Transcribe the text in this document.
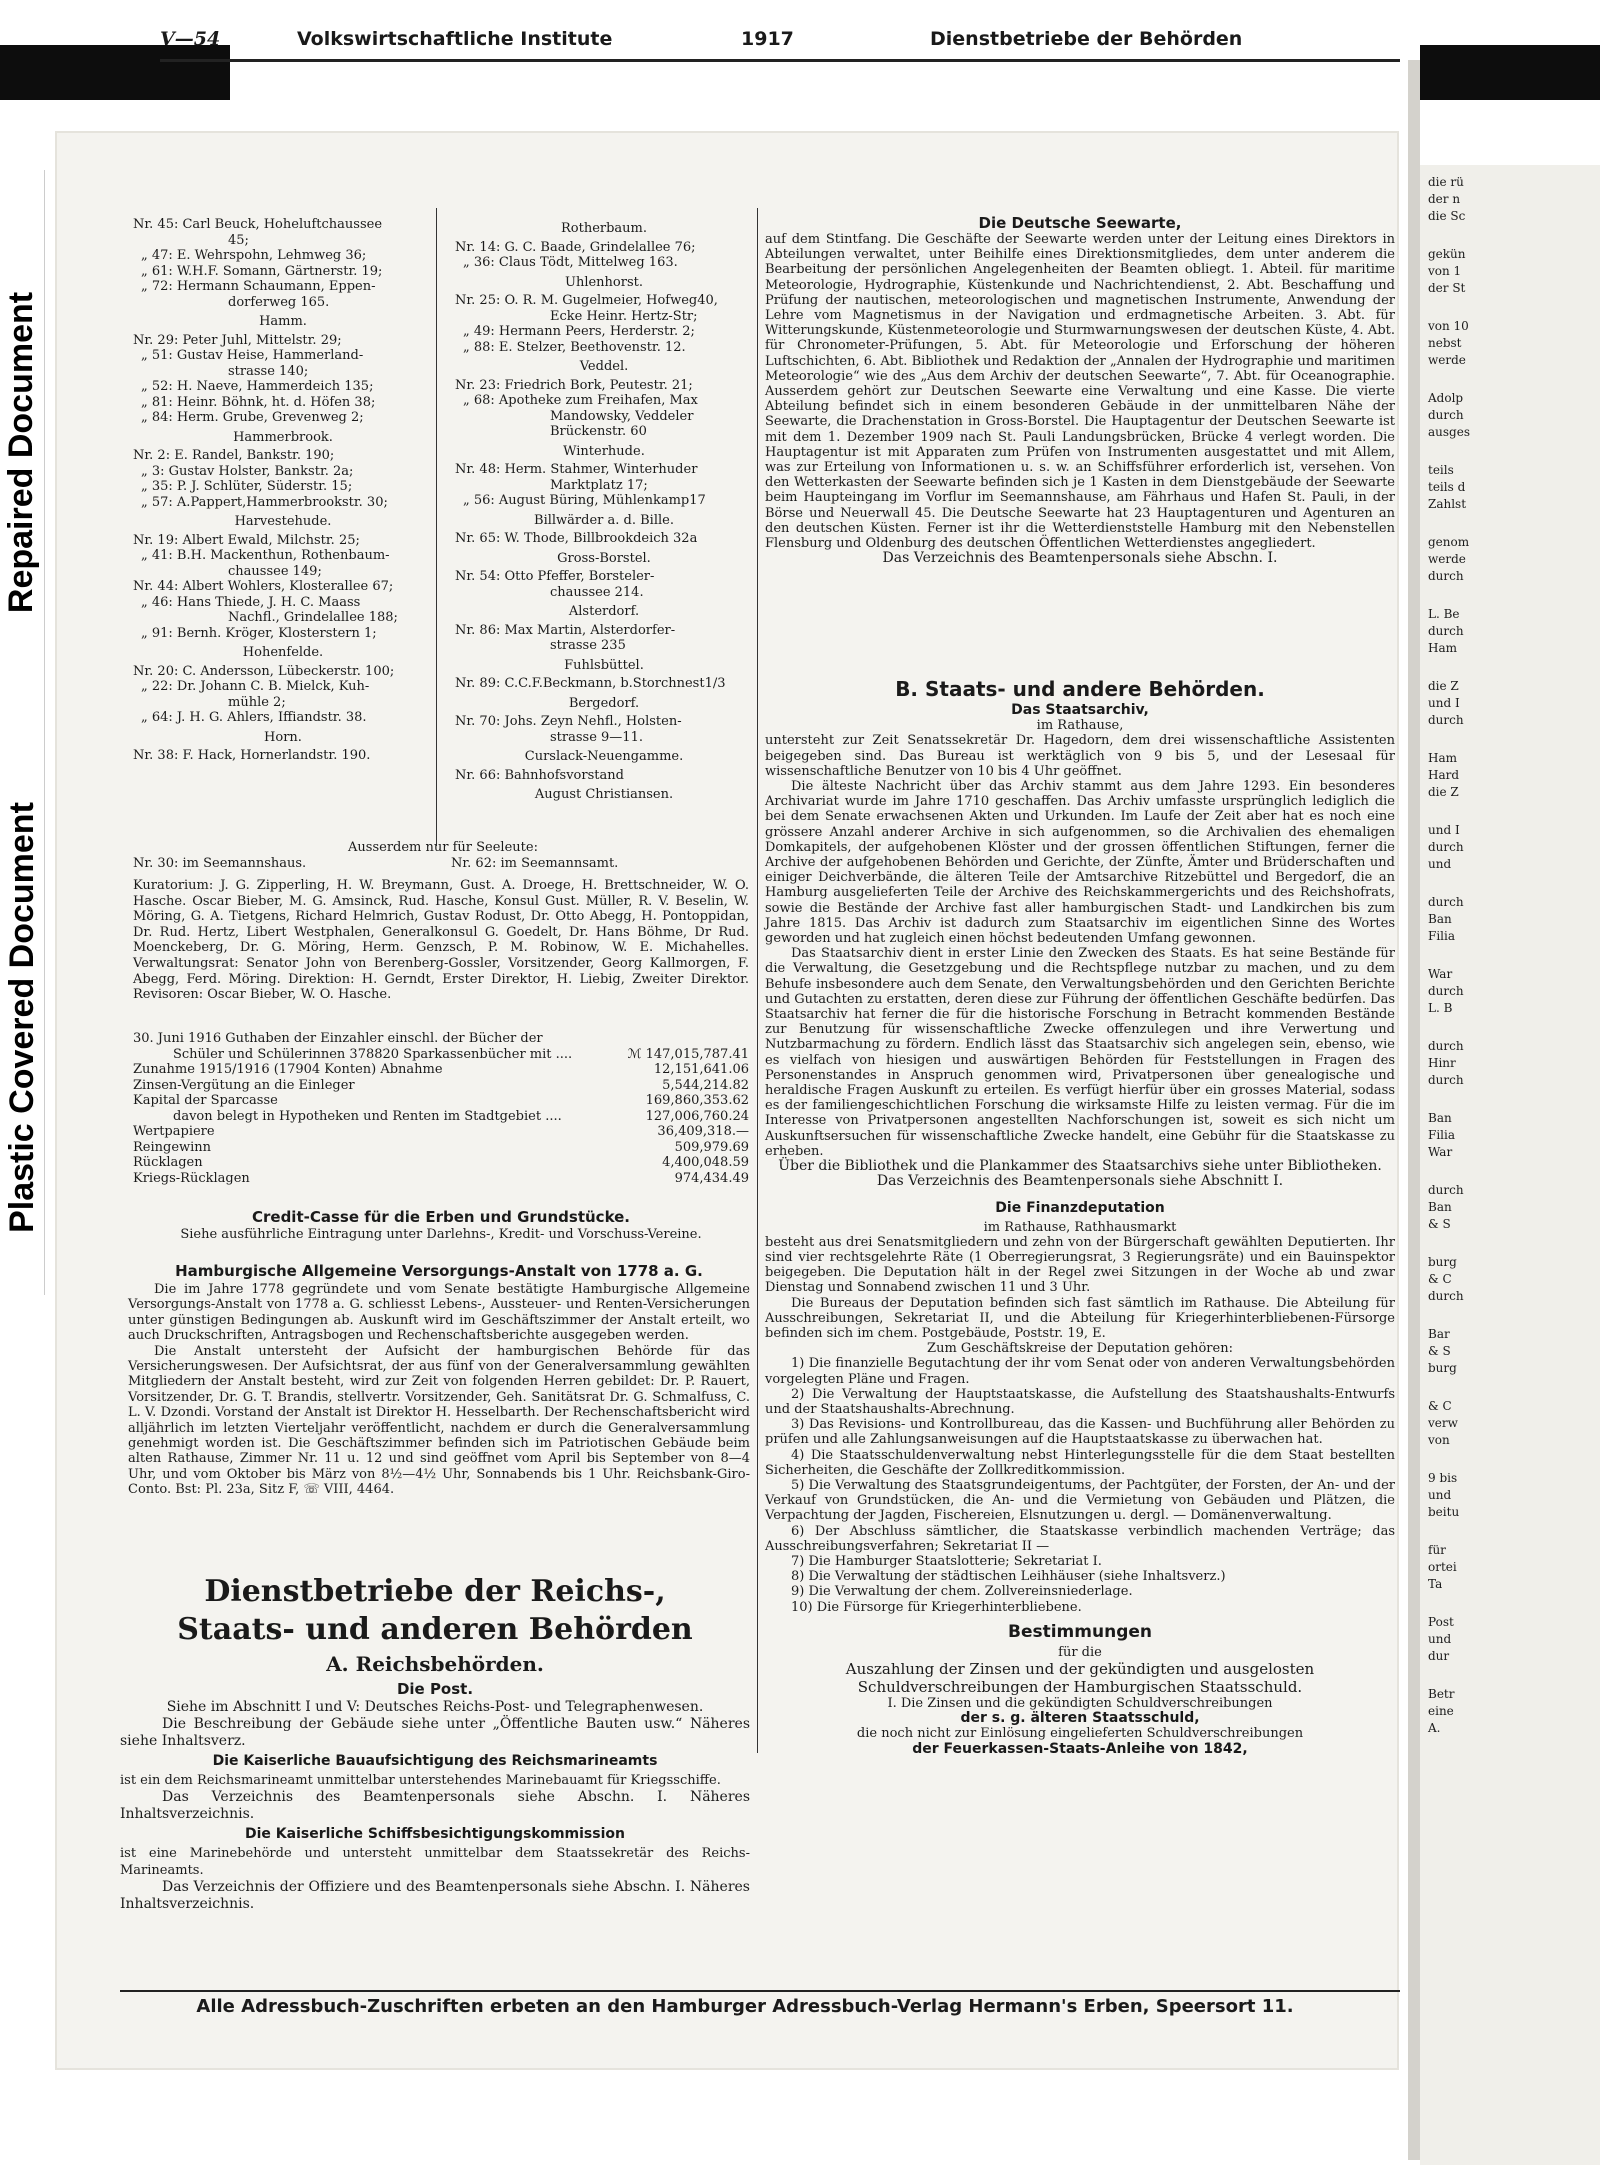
die rü
der n
die Sc
gekün
von 1
der St
von 10
nebst
werde
Adolp
durch
ausges
teils
teils d
Zahlst
genom
werde
durch
L. Be
durch
Ham
die Z
und I
durch
Ham
Hard
die Z
und I
durch
und
durch
Ban
Filia
War
durch
L. B
durch
Hinr
durch
Ban
Filia
War
durch
Ban
& S
burg
& C
durch
Bar
& S
burg
& C
verw
von
9 bis
und
beitu
für
ortei
Ta
Post
und
dur
Betr
eine
A.
Repaired Document
Plastic Covered Document
V—54	Volkswirtschaftliche Institute	1917	Dienstbetriebe der Behörden
Nr. 45: Carl Beuck, Hoheluftchaussee
45;
„ 47: E. Wehrspohn, Lehmweg 36;
„ 61: W.H.F. Somann, Gärtnerstr. 19;
„ 72: Hermann Schaumann, Eppen-
dorferweg 165.
Hamm.
Nr. 29: Peter Juhl, Mittelstr. 29;
„ 51: Gustav Heise, Hammerland-
strasse 140;
„ 52: H. Naeve, Hammerdeich 135;
„ 81: Heinr. Böhnk, ht. d. Höfen 38;
„ 84: Herm. Grube, Grevenweg 2;
Hammerbrook.
Nr. 2: E. Randel, Bankstr. 190;
„ 3: Gustav Holster, Bankstr. 2a;
„ 35: P. J. Schlüter, Süderstr. 15;
„ 57: A.Pappert,Hammerbrookstr. 30;
Harvestehude.
Nr. 19: Albert Ewald, Milchstr. 25;
„ 41: B.H. Mackenthun, Rothenbaum-
chaussee 149;
Nr. 44: Albert Wohlers, Klosterallee 67;
„ 46: Hans Thiede, J. H. C. Maass
Nachfl., Grindelallee 188;
„ 91: Bernh. Kröger, Klosterstern 1;
Hohenfelde.
Nr. 20: C. Andersson, Lübeckerstr. 100;
„ 22: Dr. Johann C. B. Mielck, Kuh-
mühle 2;
„ 64: J. H. G. Ahlers, Iffiandstr. 38.
Horn.
Nr. 38: F. Hack, Hornerlandstr. 190.
Rotherbaum.
Nr. 14: G. C. Baade, Grindelallee 76;
„ 36: Claus Tödt, Mittelweg 163.
Uhlenhorst.
Nr. 25: O. R. M. Gugelmeier, Hofweg40,
Ecke Heinr. Hertz-Str;
„ 49: Hermann Peers, Herderstr. 2;
„ 88: E. Stelzer, Beethovenstr. 12.
Veddel.
Nr. 23: Friedrich Bork, Peutestr. 21;
„ 68: Apotheke zum Freihafen, Max
Mandowsky, Veddeler
Brückenstr. 60
Winterhude.
Nr. 48: Herm. Stahmer, Winterhuder
Marktplatz 17;
„ 56: August Büring, Mühlenkamp17
Billwärder a. d. Bille.
Nr. 65: W. Thode, Billbrookdeich 32a
Gross-Borstel.
Nr. 54: Otto Pfeffer, Borsteler-
chaussee 214.
Alsterdorf.
Nr. 86: Max Martin, Alsterdorfer-
strasse 235
Fuhlsbüttel.
Nr. 89: C.C.F.Beckmann, b.Storchnest1/3
Bergedorf.
Nr. 70: Johs. Zeyn Nehfl., Holsten-
strasse 9—11.
Curslack-Neuengamme.
Nr. 66: Bahnhofsvorstand
August Christiansen.
Ausserdem nur für Seeleute:
Nr. 30: im Seemannshaus.	Nr. 62: im Seemannsamt.
Kuratorium: J. G. Zipperling, H. W. Breymann, Gust. A. Droege, H. Brettschneider, W. O. Hasche. Oscar Bieber, M. G. Amsinck, Rud. Hasche, Konsul Gust. Müller, R. V. Beselin, W. Möring, G. A. Tietgens, Richard Helmrich, Gustav Rodust, Dr. Otto Abegg, H. Pontoppidan, Dr. Rud. Hertz, Libert Westphalen, Generalkonsul G. Goedelt, Dr. Hans Böhme, Dr Rud. Moenckeberg, Dr. G. Möring, Herm. Genzsch, P. M. Robinow, W. E. Michahelles. Verwaltungsrat: Senator John von Berenberg-Gossler, Vorsitzender, Georg Kallmorgen, F. Abegg, Ferd. Möring. Direktion: H. Gerndt, Erster Direktor, H. Liebig, Zweiter Direktor. Revisoren: Oscar Bieber, W. O. Hasche.
30. Juni 1916 Guthaben der Einzahler einschl. der Bücher der
Schüler und Schülerinnen 378820 Sparkassenbücher mit ....	ℳ 147,015,787.41
Zunahme 1915/1916 (17904 Konten) Abnahme	12,151,641.06
Zinsen-Vergütung an die Einleger	5,544,214.82
Kapital der Sparcasse	169,860,353.62
davon belegt in Hypotheken und Renten im Stadtgebiet ....	127,006,760.24
Wertpapiere	36,409,318.—
Reingewinn	509,979.69
Rücklagen	4,400,048.59
Kriegs-Rücklagen	974,434.49
Credit-Casse für die Erben und Grundstücke.
Siehe ausführliche Eintragung unter Darlehns-, Kredit- und Vorschuss-Vereine.
Hamburgische Allgemeine Versorgungs-Anstalt von 1778 a. G.
Die im Jahre 1778 gegründete und vom Senate bestätigte Hamburgische Allgemeine Versorgungs-Anstalt von 1778 a. G. schliesst Lebens-, Aussteuer- und Renten-Versicherungen unter günstigen Bedingungen ab. Auskunft wird im Geschäftszimmer der Anstalt erteilt, wo auch Druckschriften, Antragsbogen und Rechenschaftsberichte ausgegeben werden.
Die Anstalt untersteht der Aufsicht der hamburgischen Behörde für das Versicherungswesen. Der Aufsichtsrat, der aus fünf von der Generalversammlung gewählten Mitgliedern der Anstalt besteht, wird zur Zeit von folgenden Herren gebildet: Dr. P. Rauert, Vorsitzender, Dr. G. T. Brandis, stellvertr. Vorsitzender, Geh. Sanitätsrat Dr. G. Schmalfuss, C. L. V. Dzondi. Vorstand der Anstalt ist Direktor H. Hesselbarth. Der Rechenschaftsbericht wird alljährlich im letzten Vierteljahr veröffentlicht, nachdem er durch die Generalversammlung genehmigt worden ist. Die Geschäftszimmer befinden sich im Patriotischen Gebäude beim alten Rathause, Zimmer Nr. 11 u. 12 und sind geöffnet vom April bis September von 8—4 Uhr, und vom Oktober bis März von 8½—4½ Uhr, Sonnabends bis 1 Uhr. Reichsbank-Giro-Conto. Bst: Pl. 23a, Sitz F, ☏ VIII, 4464.
Dienstbetriebe der Reichs-,
Staats- und anderen Behörden
A. Reichsbehörden.
Die Post.
Siehe im Abschnitt I und V: Deutsches Reichs-Post- und Telegraphenwesen.
Die Beschreibung der Gebäude siehe unter „Öffentliche Bauten usw.“ Näheres siehe Inhaltsverz.
Die Kaiserliche Bauaufsichtigung des Reichsmarineamts
ist ein dem Reichsmarineamt unmittelbar unterstehendes Marinebauamt für Kriegsschiffe.
Das Verzeichnis des Beamtenpersonals siehe Abschn. I. Näheres Inhaltsverzeichnis.
Die Kaiserliche Schiffsbesichtigungskommission
ist eine Marinebehörde und untersteht unmittelbar dem Staatssekretär des Reichs-Marineamts.
Das Verzeichnis der Offiziere und des Beamtenpersonals siehe Abschn. I. Näheres Inhaltsverzeichnis.
Die Deutsche Seewarte,
auf dem Stintfang. Die Geschäfte der Seewarte werden unter der Leitung eines Direktors in Abteilungen verwaltet, unter Beihilfe eines Direktionsmitgliedes, dem unter anderem die Bearbeitung der persönlichen Angelegenheiten der Beamten obliegt. 1. Abteil. für maritime Meteorologie, Hydrographie, Küstenkunde und Nachrichtendienst, 2. Abt. Beschaffung und Prüfung der nautischen, meteorologischen und magnetischen Instrumente, Anwendung der Lehre vom Magnetismus in der Navigation und erdmagnetische Arbeiten. 3. Abt. für Witterungskunde, Küstenmeteorologie und Sturmwarnungswesen der deutschen Küste, 4. Abt. für Chronometer-Prüfungen, 5. Abt. für Meteorologie und Erforschung der höheren Luftschichten, 6. Abt. Bibliothek und Redaktion der „Annalen der Hydrographie und maritimen Meteorologie“ wie des „Aus dem Archiv der deutschen Seewarte“, 7. Abt. für Oceanographie. Ausserdem gehört zur Deutschen Seewarte eine Verwaltung und eine Kasse. Die vierte Abteilung befindet sich in einem besonderen Gebäude in der unmittelbaren Nähe der Seewarte, die Drachenstation in Gross-Borstel. Die Hauptagentur der Deutschen Seewarte ist mit dem 1. Dezember 1909 nach St. Pauli Landungsbrücken, Brücke 4 verlegt worden. Die Hauptagentur ist mit Apparaten zum Prüfen von Instrumenten ausgestattet und mit Allem, was zur Erteilung von Informationen u. s. w. an Schiffsführer erforderlich ist, versehen. Von den Wetterkasten der Seewarte befinden sich je 1 Kasten in dem Dienstgebäude der Seewarte beim Haupteingang im Vorflur im Seemannshause, am Fährhaus und Hafen St. Pauli, in der Börse und Neuerwall 45. Die Deutsche Seewarte hat 23 Hauptagenturen und Agenturen an den deutschen Küsten. Ferner ist ihr die Wetterdienststelle Hamburg mit den Nebenstellen Flensburg und Oldenburg des deutschen Öffentlichen Wetterdienstes angegliedert.
Das Verzeichnis des Beamtenpersonals siehe Abschn. I.
B. Staats- und andere Behörden.
Das Staatsarchiv,
im Rathause,
untersteht zur Zeit Senatssekretär Dr. Hagedorn, dem drei wissenschaftliche Assistenten beigegeben sind. Das Bureau ist werktäglich von 9 bis 5, und der Lesesaal für wissenschaftliche Benutzer von 10 bis 4 Uhr geöffnet.
Die älteste Nachricht über das Archiv stammt aus dem Jahre 1293. Ein besonderes Archivariat wurde im Jahre 1710 geschaffen. Das Archiv umfasste ursprünglich lediglich die bei dem Senate erwachsenen Akten und Urkunden. Im Laufe der Zeit aber hat es noch eine grössere Anzahl anderer Archive in sich aufgenommen, so die Archivalien des ehemaligen Domkapitels, der aufgehobenen Klöster und der grossen öffentlichen Stiftungen, ferner die Archive der aufgehobenen Behörden und Gerichte, der Zünfte, Ämter und Brüderschaften und einiger Deichverbände, die älteren Teile der Amtsarchive Ritzebüttel und Bergedorf, die an Hamburg ausgelieferten Teile der Archive des Reichskammergerichts und des Reichshofrats, sowie die Bestände der Archive fast aller hamburgischen Stadt- und Landkirchen bis zum Jahre 1815. Das Archiv ist dadurch zum Staatsarchiv im eigentlichen Sinne des Wortes geworden und hat zugleich einen höchst bedeutenden Umfang gewonnen.
Das Staatsarchiv dient in erster Linie den Zwecken des Staats. Es hat seine Bestände für die Verwaltung, die Gesetzgebung und die Rechtspflege nutzbar zu machen, und zu dem Behufe insbesondere auch dem Senate, den Verwaltungsbehörden und den Gerichten Berichte und Gutachten zu erstatten, deren diese zur Führung der öffentlichen Geschäfte bedürfen. Das Staatsarchiv hat ferner die für die historische Forschung in Betracht kommenden Bestände zur Benutzung für wissenschaftliche Zwecke offenzulegen und ihre Verwertung und Nutzbarmachung zu fördern. Endlich lässt das Staatsarchiv sich angelegen sein, ebenso, wie es vielfach von hiesigen und auswärtigen Behörden für Feststellungen in Fragen des Personenstandes in Anspruch genommen wird, Privatpersonen über genealogische und heraldische Fragen Auskunft zu erteilen. Es verfügt hierfür über ein grosses Material, sodass es der familiengeschichtlichen Forschung die wirksamste Hilfe zu leisten vermag. Für die im Interesse von Privatpersonen angestellten Nachforschungen ist, soweit es sich nicht um Auskunftsersuchen für wissenschaftliche Zwecke handelt, eine Gebühr für die Staatskasse zu erheben.
Über die Bibliothek und die Plankammer des Staatsarchivs siehe unter Bibliotheken.
Das Verzeichnis des Beamtenpersonals siehe Abschnitt I.
Die Finanzdeputation
im Rathause, Rathhausmarkt
besteht aus drei Senatsmitgliedern und zehn von der Bürgerschaft gewählten Deputierten. Ihr sind vier rechtsgelehrte Räte (1 Oberregierungsrat, 3 Regierungsräte) und ein Bauinspektor beigegeben. Die Deputation hält in der Regel zwei Sitzungen in der Woche ab und zwar Dienstag und Sonnabend zwischen 11 und 3 Uhr.
Die Bureaus der Deputation befinden sich fast sämtlich im Rathause. Die Abteilung für Ausschreibungen, Sekretariat II, und die Abteilung für Kriegerhinterbliebenen-Fürsorge befinden sich im chem. Postgebäude, Poststr. 19, E.
Zum Geschäftskreise der Deputation gehören:
1) Die finanzielle Begutachtung der ihr vom Senat oder von anderen Verwaltungsbehörden vorgelegten Pläne und Fragen.
2) Die Verwaltung der Hauptstaatskasse, die Aufstellung des Staatshaushalts-Entwurfs und der Staatshaushalts-Abrechnung.
3) Das Revisions- und Kontrollbureau, das die Kassen- und Buchführung aller Behörden zu prüfen und alle Zahlungsanweisungen auf die Hauptstaatskasse zu überwachen hat.
4) Die Staatsschuldenverwaltung nebst Hinterlegungsstelle für die dem Staat bestellten Sicherheiten, die Geschäfte der Zollkreditkommission.
5) Die Verwaltung des Staatsgrundeigentums, der Pachtgüter, der Forsten, der An- und der Verkauf von Grundstücken, die An- und die Vermietung von Gebäuden und Plätzen, die Verpachtung der Jagden, Fischereien, Elsnutzungen u. dergl. — Domänenverwaltung.
6) Der Abschluss sämtlicher, die Staatskasse verbindlich machenden Verträge; das Ausschreibungsverfahren; Sekretariat II —
7) Die Hamburger Staatslotterie; Sekretariat I.
8) Die Verwaltung der städtischen Leihhäuser (siehe Inhaltsverz.)
9) Die Verwaltung der chem. Zollvereinsniederlage.
10) Die Fürsorge für Kriegerhinterbliebene.
Bestimmungen
für die
Auszahlung der Zinsen und der gekündigten und ausgelosten
Schuldverschreibungen der Hamburgischen Staatsschuld.
I. Die Zinsen und die gekündigten Schuldverschreibungen
der s. g. älteren Staatsschuld,
die noch nicht zur Einlösung eingelieferten Schuldverschreibungen
der Feuerkassen-Staats-Anleihe von 1842,
Alle Adressbuch-Zuschriften erbeten an den Hamburger Adressbuch-Verlag Hermann's Erben, Speersort 11.
